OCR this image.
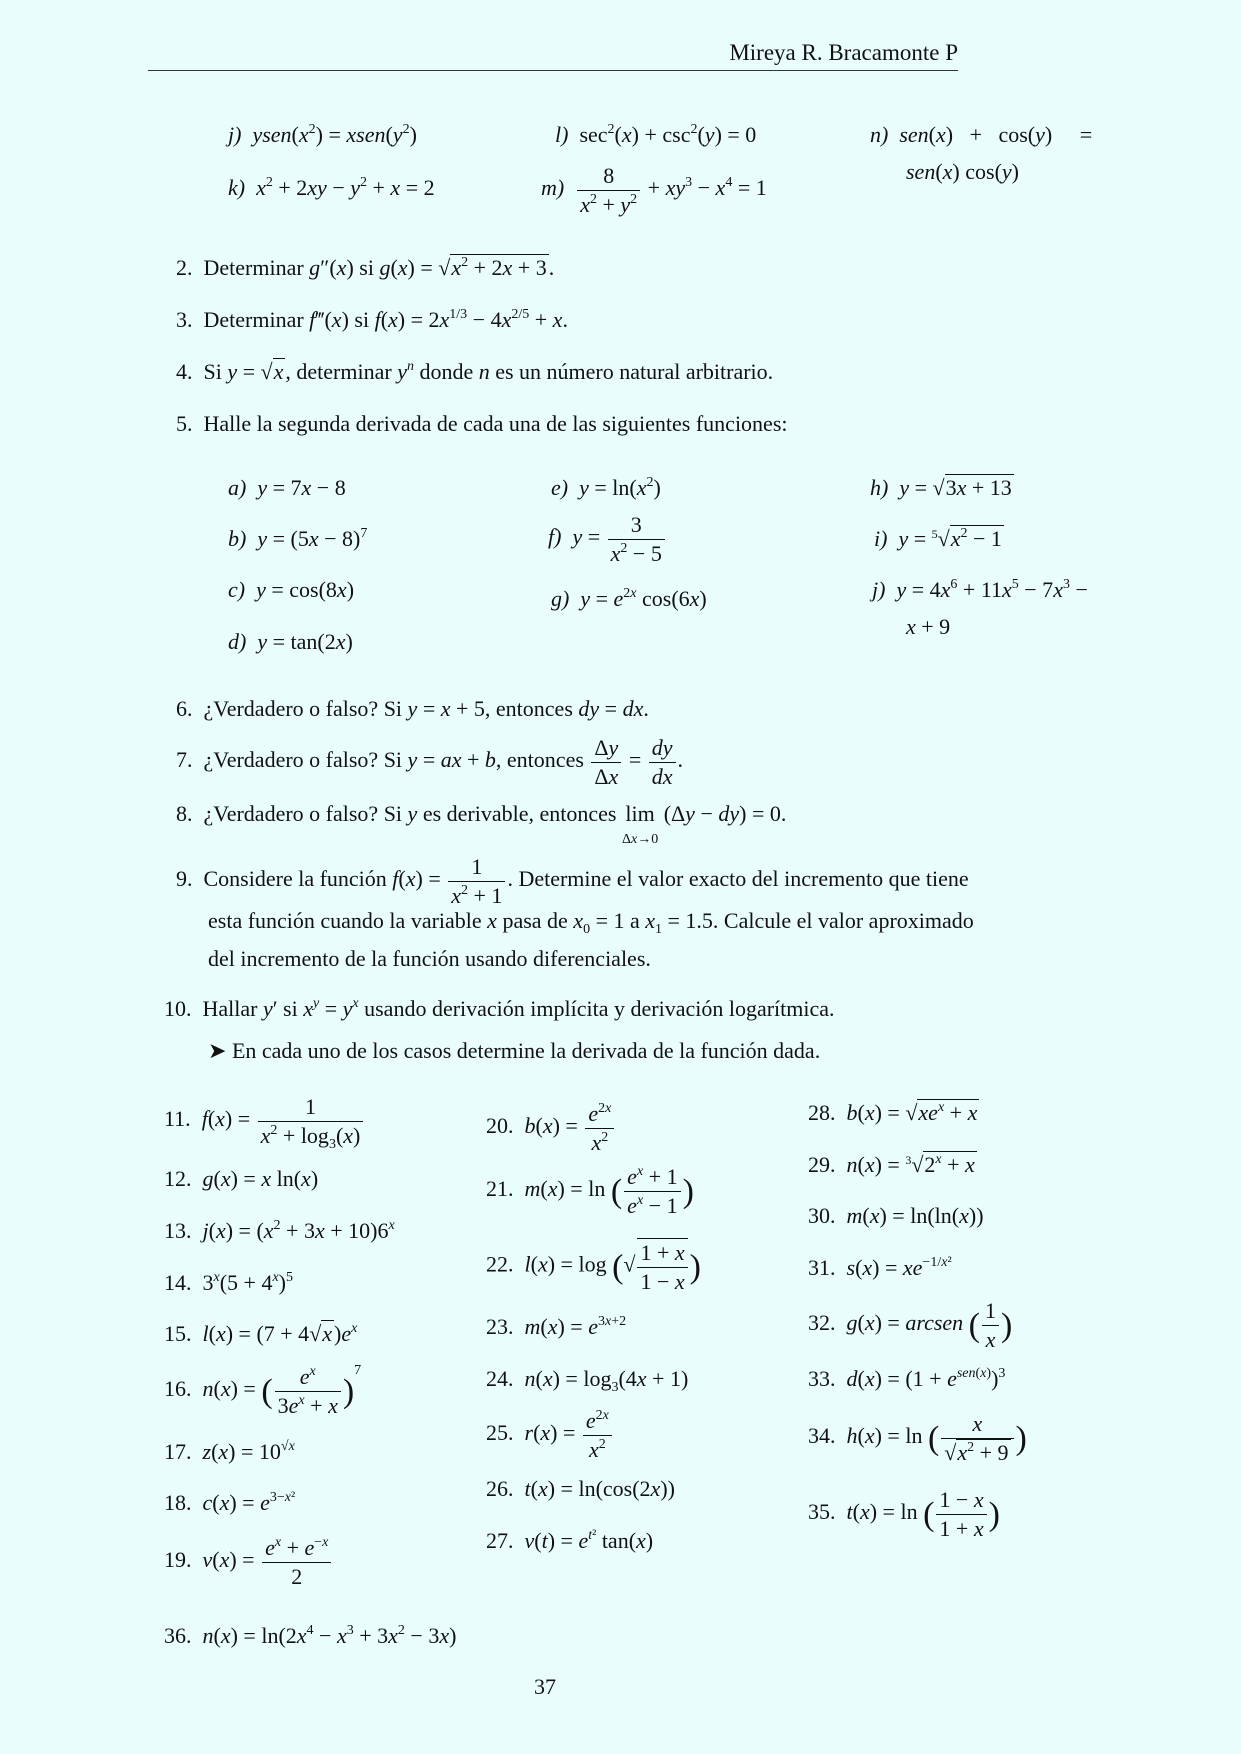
Mireya R. Bracamonte P
j) $ysen(x^2)$ = $xsen(y^2)$
k) $x^2 + 2xy - y^2 + x = 2$
l)  $\sec^2(x) + \csc^2(y) = 0$
$m) \frac{8}{x^2 + y^2} + xy^3 - x^4 = 1$
n) sen(x)   +   cos(y)     =
sen(x) cos(y)
2.  Determinar g″(x) si $g(x) = √x^2 + 2x + 3$.
3.  Determinar f‴(x) si $f(x) = 2x^{1/3} - 4x^{2/5} + x$.
4.  Si y = √x, determinar $y^n$ donde n es un número natural arbitrario.
5.  Halle la segunda derivada de cada una de las siguientes funciones:
a) y = 7x − 8
b) $y = (5x - 8)^7$
c) y = cos(8x)
d) y = tan(2x)
e) $y = \ln(x^2)$
f) $y = \frac{3}{x^2 - 5}$
g) $y = e^{2x}$ cos(6x)
h) y = √3x + 13
i) $y = ^5√x^2 - 1$
j) $y = 4x^6 + 11x^5 - 7x^3$ −
x + 9
6.  ¿Verdadero o falso? Si y = x + 5, entonces dy = dx.
7.  ¿Verdadero o falso? Si y = ax + b, entonces $\frac{\Delta y}{\Delta x} = \frac{dy}{dx}$ .
8.  ¿Verdadero o falso? Si y es derivable, entonces lim
Δx→0 (Δy − dy) = 0.
9.  Considere la función $f(x) = \frac{1}{x^2 + 1}$ . Determine el valor exacto del incremento que tiene
esta función cuando la variable x pasa de $x_0 = 1$ a $x_1 = 1.5$. Calcule el valor aproximado
del incremento de la función usando diferenciales.
10.  Hallar y′ si $x^y = y^x$ usando derivación implícita y derivación logarítmica.
➤ En cada uno de los casos determine la derivada de la función dada.
11. $f(x) = \frac{1}{x^2 + \log_3(x)}$
12. g(x) = x ln(x)
13. $j(x) = (x^2 + 3x + 10)6^x$
14.  $3^x(5 + 4^x)^5$
15. $l(x) = (7 + 4√x)e^x$
16. n(x) = ( $\frac{e^x}{3e^x + x} )^7$
17. $z(x) = 10^{√x}$
18. $c(x) = e^{3-x^2}$
19. $v(x) = \frac{e^x + e^{-x}}{2}$
20. $b(x) = \frac{e^{2x}}{x^2}$
21. m(x) = ln ( $\frac{e^x + 1}{e^x - 1}$ )
22. l(x) = log (√ $\frac{1 + x}{1 - x}$ )
23. $m(x) = e^{3x+2}$
24. $n(x) = \log_3(4x + 1)$
25. $r(x) = \frac{e^{2x}}{x^2}$
26. t(x) = ln(cos(2x))
27. $v(t) = e^{t^2}$ tan(x)
28. $b(x) = √xe^x + x$
29. $n(x) = ^3√2^x + x$
30. m(x) = ln(ln(x))
31. $s(x) = xe^{-1/x^2}$
32. g(x) = arcsen ( $\frac{1}{x}$ )
33. $d(x) = (1 + e^{sen(x)})^3$
34. h(x) = ln ( $\frac{x}{√x^2 + 9}$ )
35. t(x) = ln ( $\frac{1 - x}{1 + x}$ )
36. $n(x) = \ln(2x^4 - x^3 + 3x^2 - 3x)$
37
